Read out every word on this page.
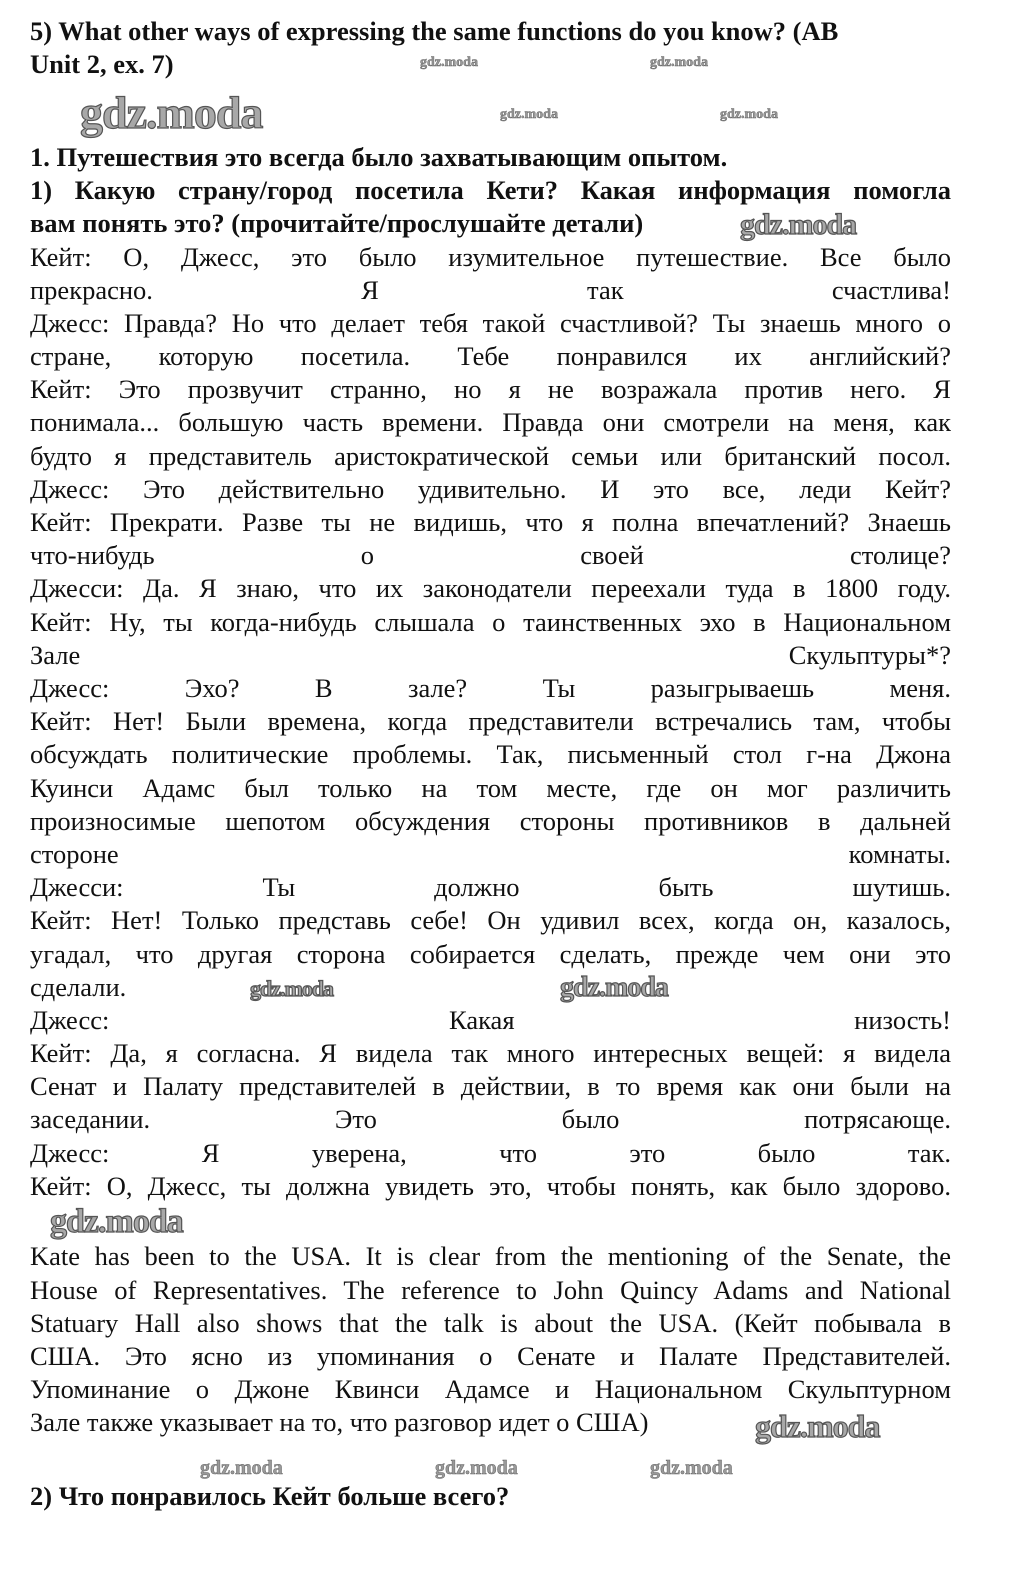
5) What other ways of expressing the same functions do you know? (AB
Unit 2, ex. 7)
1. Путешествия это всегда было захватывающим опытом.
1) Какую страну/город посетила Кети? Какая информация помогла
вам понять это? (прочитайте/прослушайте детали)
Кейт: О, Джесс, это было изумительное путешествие. Все было
прекрасно. Я так счастлива!
Джесс: Правда? Но что делает тебя такой счастливой? Ты знаешь много о
стране, которую посетила. Тебе понравился их английский?
Кейт: Это прозвучит странно, но я не возражала против него. Я
понимала... большую часть времени. Правда они смотрели на меня, как
будто я представитель аристократической семьи или британский посол.
Джесс: Это действительно удивительно. И это все, леди Кейт?
Кейт: Прекрати. Разве ты не видишь, что я полна впечатлений? Знаешь
что-нибудь о своей столице?
Джесси: Да. Я знаю, что их законодатели переехали туда в 1800 году.
Кейт: Ну, ты когда-нибудь слышала о таинственных эхо в Национальном
Зале Скульптуры*?
Джесс: Эхо? В зале? Ты разыгрываешь меня.
Кейт: Нет! Были времена, когда представители встречались там, чтобы
обсуждать политические проблемы. Так, письменный стол г-на Джона
Куинси Адамс был только на том месте, где он мог различить
произносимые шепотом обсуждения стороны противников в дальней
стороне комнаты.
Джесси: Ты должно быть шутишь.
Кейт: Нет! Только представь себе! Он удивил всех, когда он, казалось,
угадал, что другая сторона собирается сделать, прежде чем они это
сделали.
Джесс: Какая низость!
Кейт: Да, я согласна. Я видела так много интересных вещей: я видела
Сенат и Палату представителей в действии, в то время как они были на
заседании. Это было потрясающе.
Джесс: Я уверена, что это было так.
Кейт: О, Джесс, ты должна увидеть это, чтобы понять, как было здорово.
Kate has been to the USA. It is clear from the mentioning of the Senate, the
House of Representatives. The reference to John Quincy Adams and National
Statuary Hall also shows that the talk is about the USA. (Кейт побывала в
США. Это ясно из упоминания о Сенате и Палате Представителей.
Упоминание о Джоне Квинси Адамсе и Национальном Скульптурном
Зале также указывает на то, что разговор идет о США)
2) Что понравилось Кейт больше всего?
gdz.moda
gdz.moda
gdz.moda
gdz.moda
gdz.moda
gdz.moda
gdz.moda	gdz.moda
gdz.moda	gdz.moda
gdz.moda	gdz.moda	gdz.moda
